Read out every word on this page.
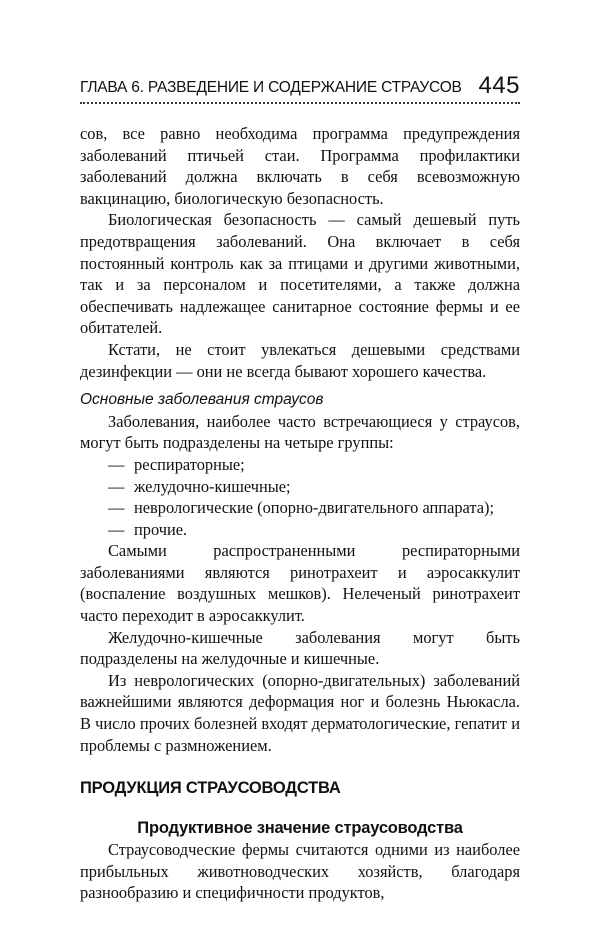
ГЛАВА 6. РАЗВЕДЕНИЕ И СОДЕРЖАНИЕ СТРАУСОВ 445

сов, все равно необходима программа предупреждения заболеваний птичьей стаи. Программа профилактики заболеваний должна включать в себя всевозможную вакцинацию, биологическую безопасность.

Биологическая безопасность — самый дешевый путь предотвращения заболеваний. Она включает в себя постоянный контроль как за птицами и другими животными, так и за персоналом и посетителями, а также должна обеспечивать надлежащее санитарное состояние фермы и ее обитателей.

Кстати, не стоит увлекаться дешевыми средствами дезинфекции — они не всегда бывают хорошего качества.

Основные заболевания страусов

Заболевания, наиболее часто встречающиеся у страусов, могут быть подразделены на четыре группы:

— респираторные;
— желудочно-кишечные;
— неврологические (опорно-двигательного аппарата);
— прочие.

Самыми распространенными респираторными заболеваниями являются ринотрахеит и аэросаккулит (воспаление воздушных мешков). Нелеченый ринотрахеит часто переходит в аэросаккулит.

Желудочно-кишечные заболевания могут быть подразделены на желудочные и кишечные.

Из неврологических (опорно-двигательных) заболеваний важнейшими являются деформация ног и болезнь Ньюкасла. В число прочих болезней входят дерматологические, гепатит и проблемы с размножением.

ПРОДУКЦИЯ СТРАУСОВОДСТВА
Продуктивное значение страусоводства

Страусоводческие фермы считаются одними из наиболее прибыльных животноводческих хозяйств, благодаря разнообразию и специфичности продуктов,
